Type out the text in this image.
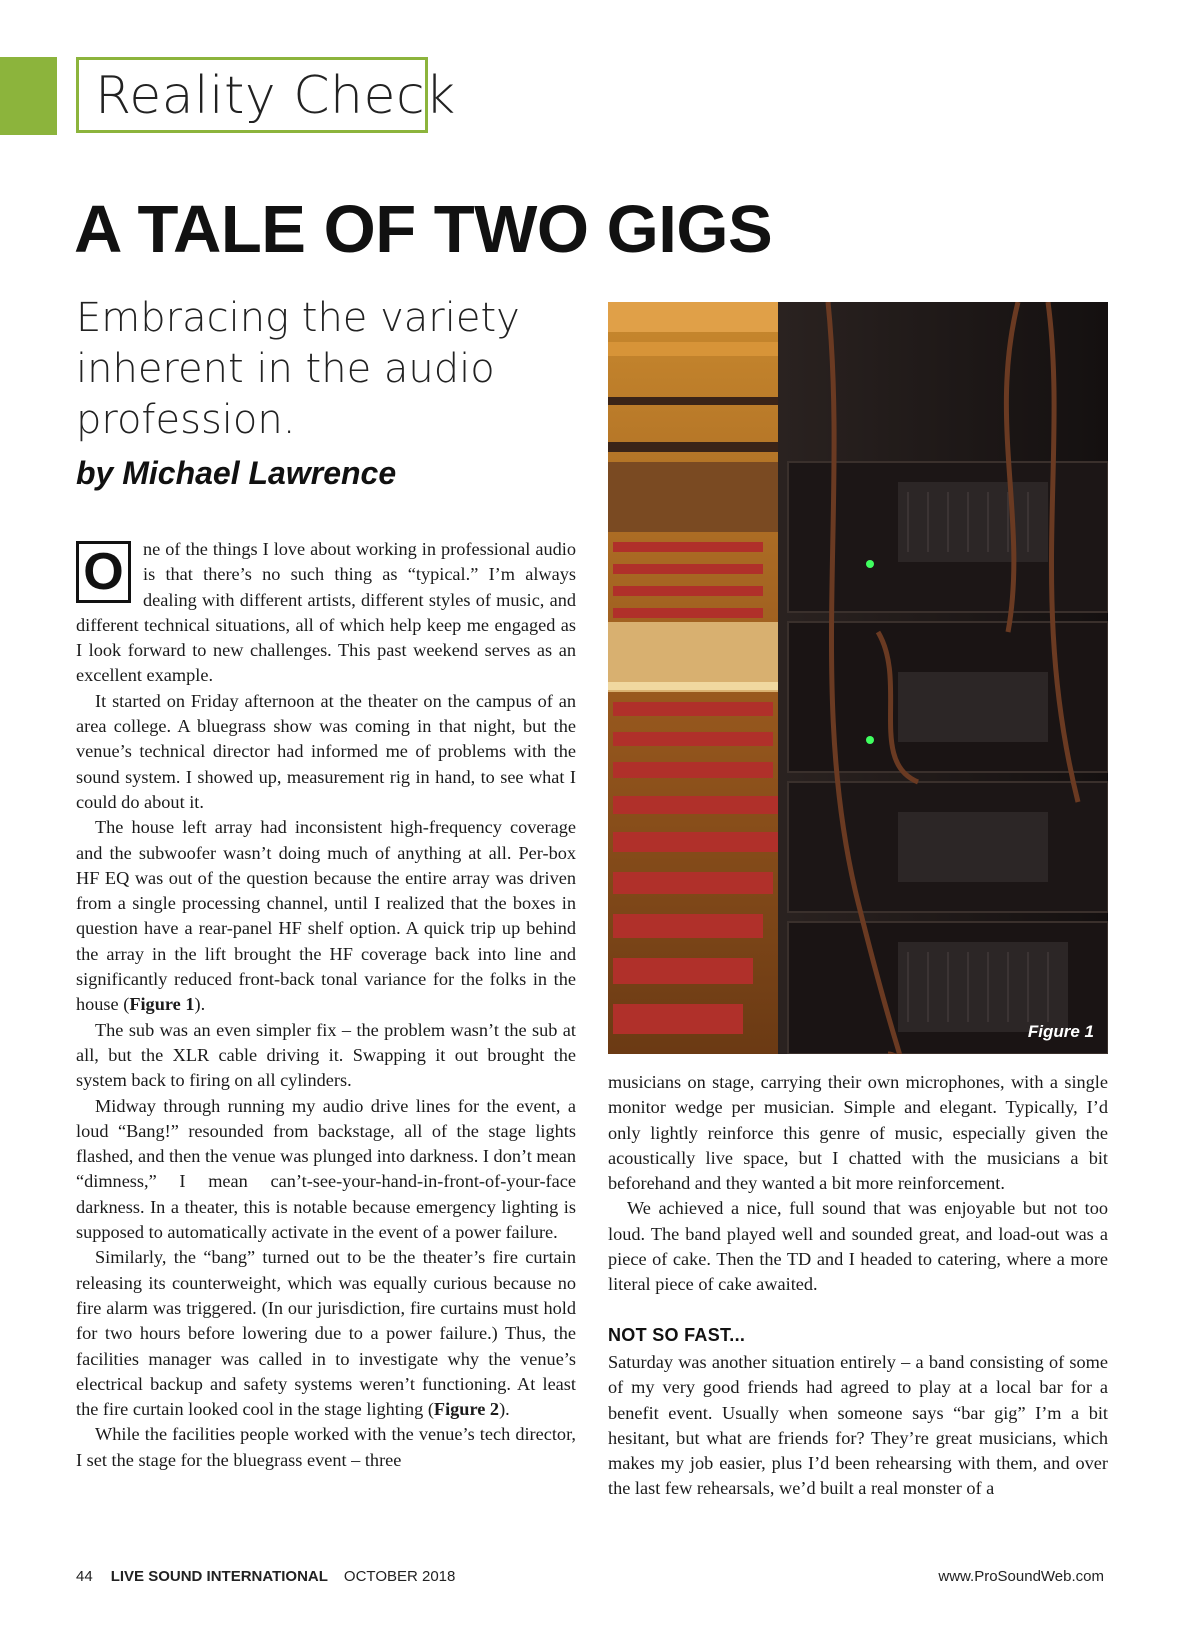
Reality Check
A TALE OF TWO GIGS
Embracing the variety inherent in the audio profession.
by Michael Lawrence

O	ne of the things I love about working in professional audio is that there’s no such thing as “typical.” I’m always dealing with different artists, different styles of music, and different technical situations, all of which help keep me engaged as I look forward to new challenges. This past weekend serves as an excellent example.

It started on Friday afternoon at the theater on the campus of an area college. A bluegrass show was coming in that night, but the venue’s technical director had informed me of problems with the sound system. I showed up, measurement rig in hand, to see what I could do about it.

The house left array had inconsistent high-frequency coverage and the subwoofer wasn’t doing much of anything at all. Per-box HF EQ was out of the question because the entire array was driven from a single processing channel, until I realized that the boxes in question have a rear-panel HF shelf option. A quick trip up behind the array in the lift brought the HF coverage back into line and significantly reduced front-back tonal variance for the folks in the house (Figure 1).

The sub was an even simpler fix – the problem wasn’t the sub at all, but the XLR cable driving it. Swapping it out brought the system back to firing on all cylinders.

Midway through running my audio drive lines for the event, a loud “Bang!” resounded from backstage, all of the stage lights flashed, and then the venue was plunged into darkness. I don’t mean “dimness,” I mean can’t-see-your-hand-in-front-of-your-face darkness. In a theater, this is notable because emergency lighting is supposed to automatically activate in the event of a power failure.

Similarly, the “bang” turned out to be the theater’s fire curtain releasing its counterweight, which was equally curious because no fire alarm was triggered. (In our jurisdiction, fire curtains must hold for two hours before lowering due to a power failure.) Thus, the facilities manager was called in to investigate why the venue’s electrical backup and safety systems weren’t functioning. At least the fire curtain looked cool in the stage lighting (Figure 2).

While the facilities people worked with the venue’s tech director, I set the stage for the bluegrass event – three

Figure 1

musicians on stage, carrying their own microphones, with a single monitor wedge per musician. Simple and elegant. Typically, I’d only lightly reinforce this genre of music, especially given the acoustically live space, but I chatted with the musicians a bit beforehand and they wanted a bit more reinforcement.

We achieved a nice, full sound that was enjoyable but not too loud. The band played well and sounded great, and load-out was a piece of cake. Then the TD and I headed to catering, where a more literal piece of cake awaited.

NOT SO FAST...

Saturday was another situation entirely – a band consisting of some of my very good friends had agreed to play at a local bar for a benefit event. Usually when someone says “bar gig” I’m a bit hesitant, but what are friends for? They’re great musicians, which makes my job easier, plus I’d been rehearsing with them, and over the last few rehearsals, we’d built a real monster of a

44 LIVE SOUND INTERNATIONAL OCTOBER 2018	www.ProSoundWeb.com
